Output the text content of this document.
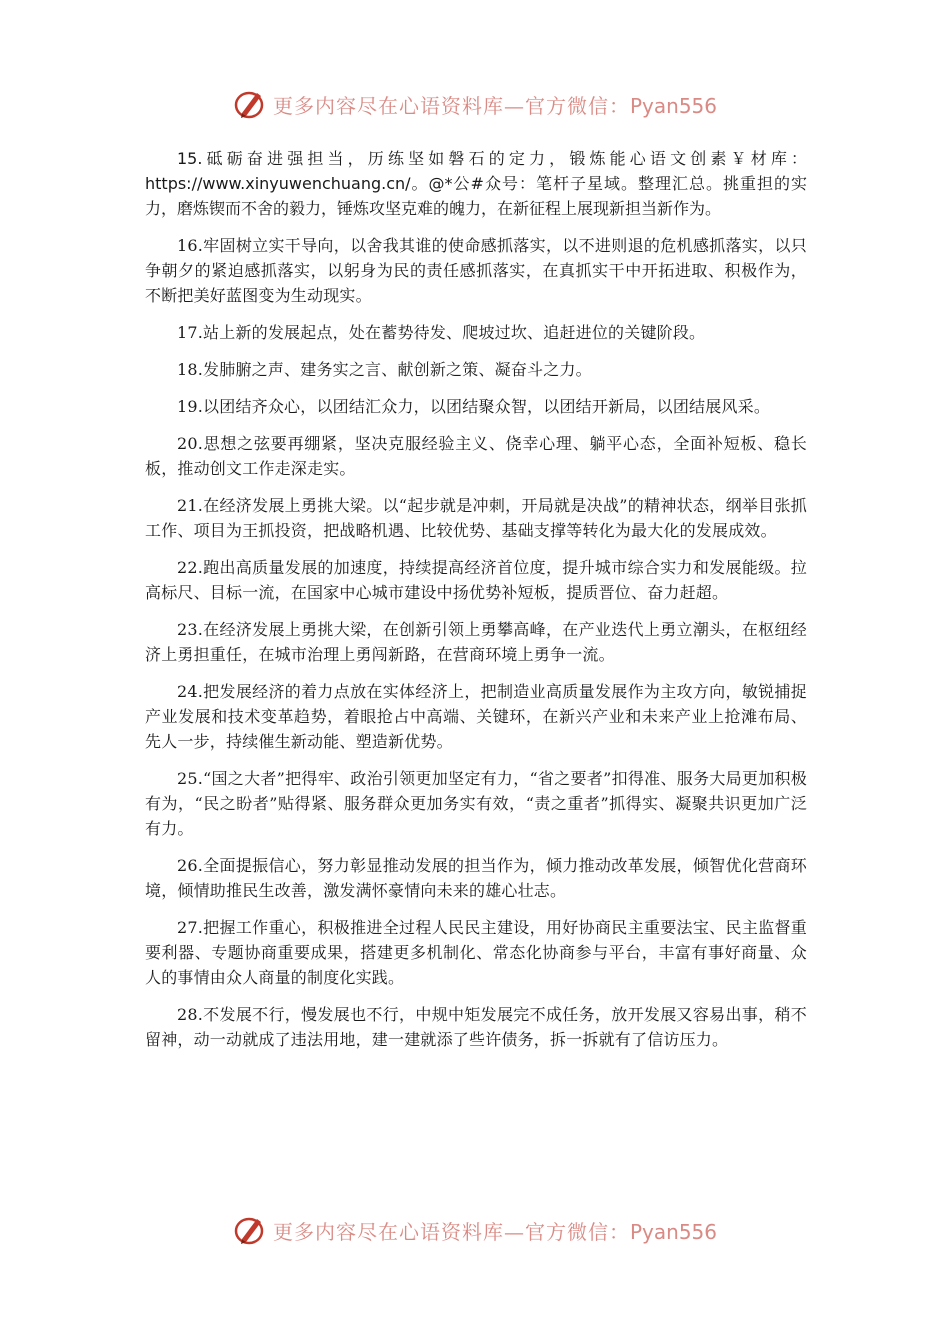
更多内容尽在心语资料库—官方微信：Pyan556

15.砥砺奋进强担当，历练坚如磐石的定力，锻炼能心语文创素￥材库：https://www.xinyuwenchuang.cn/。@*公#众号：笔杆子星域。整理汇总。挑重担的实力，磨炼锲而不舍的毅力，锤炼攻坚克难的魄力，在新征程上展现新担当新作为。

16.牢固树立实干导向，以舍我其谁的使命感抓落实，以不进则退的危机感抓落实，以只争朝夕的紧迫感抓落实，以躬身为民的责任感抓落实，在真抓实干中开拓进取、积极作为，不断把美好蓝图变为生动现实。

17.站上新的发展起点，处在蓄势待发、爬坡过坎、追赶进位的关键阶段。

18.发肺腑之声、建务实之言、献创新之策、凝奋斗之力。

19.以团结齐众心，以团结汇众力，以团结聚众智，以团结开新局，以团结展风采。

20.思想之弦要再绷紧，坚决克服经验主义、侥幸心理、躺平心态，全面补短板、稳长板，推动创文工作走深走实。

21.在经济发展上勇挑大梁。以“起步就是冲刺，开局就是决战”的精神状态，纲举目张抓工作、项目为王抓投资，把战略机遇、比较优势、基础支撑等转化为最大化的发展成效。

22.跑出高质量发展的加速度，持续提高经济首位度，提升城市综合实力和发展能级。拉高标尺、目标一流，在国家中心城市建设中扬优势补短板，提质晋位、奋力赶超。

23.在经济发展上勇挑大梁，在创新引领上勇攀高峰，在产业迭代上勇立潮头，在枢纽经济上勇担重任，在城市治理上勇闯新路，在营商环境上勇争一流。

24.把发展经济的着力点放在实体经济上，把制造业高质量发展作为主攻方向，敏锐捕捉产业发展和技术变革趋势，着眼抢占中高端、关键环，在新兴产业和未来产业上抢滩布局、先人一步，持续催生新动能、塑造新优势。

25.“国之大者”把得牢、政治引领更加坚定有力，“省之要者”扣得准、服务大局更加积极有为，“民之盼者”贴得紧、服务群众更加务实有效，“责之重者”抓得实、凝聚共识更加广泛有力。

26.全面提振信心，努力彰显推动发展的担当作为，倾力推动改革发展，倾智优化营商环境，倾情助推民生改善，激发满怀豪情向未来的雄心壮志。

27.把握工作重心，积极推进全过程人民民主建设，用好协商民主重要法宝、民主监督重要利器、专题协商重要成果，搭建更多机制化、常态化协商参与平台，丰富有事好商量、众人的事情由众人商量的制度化实践。

28.不发展不行，慢发展也不行，中规中矩发展完不成任务，放开发展又容易出事，稍不留神，动一动就成了违法用地，建一建就添了些许债务，拆一拆就有了信访压力。

更多内容尽在心语资料库—官方微信：Pyan556
